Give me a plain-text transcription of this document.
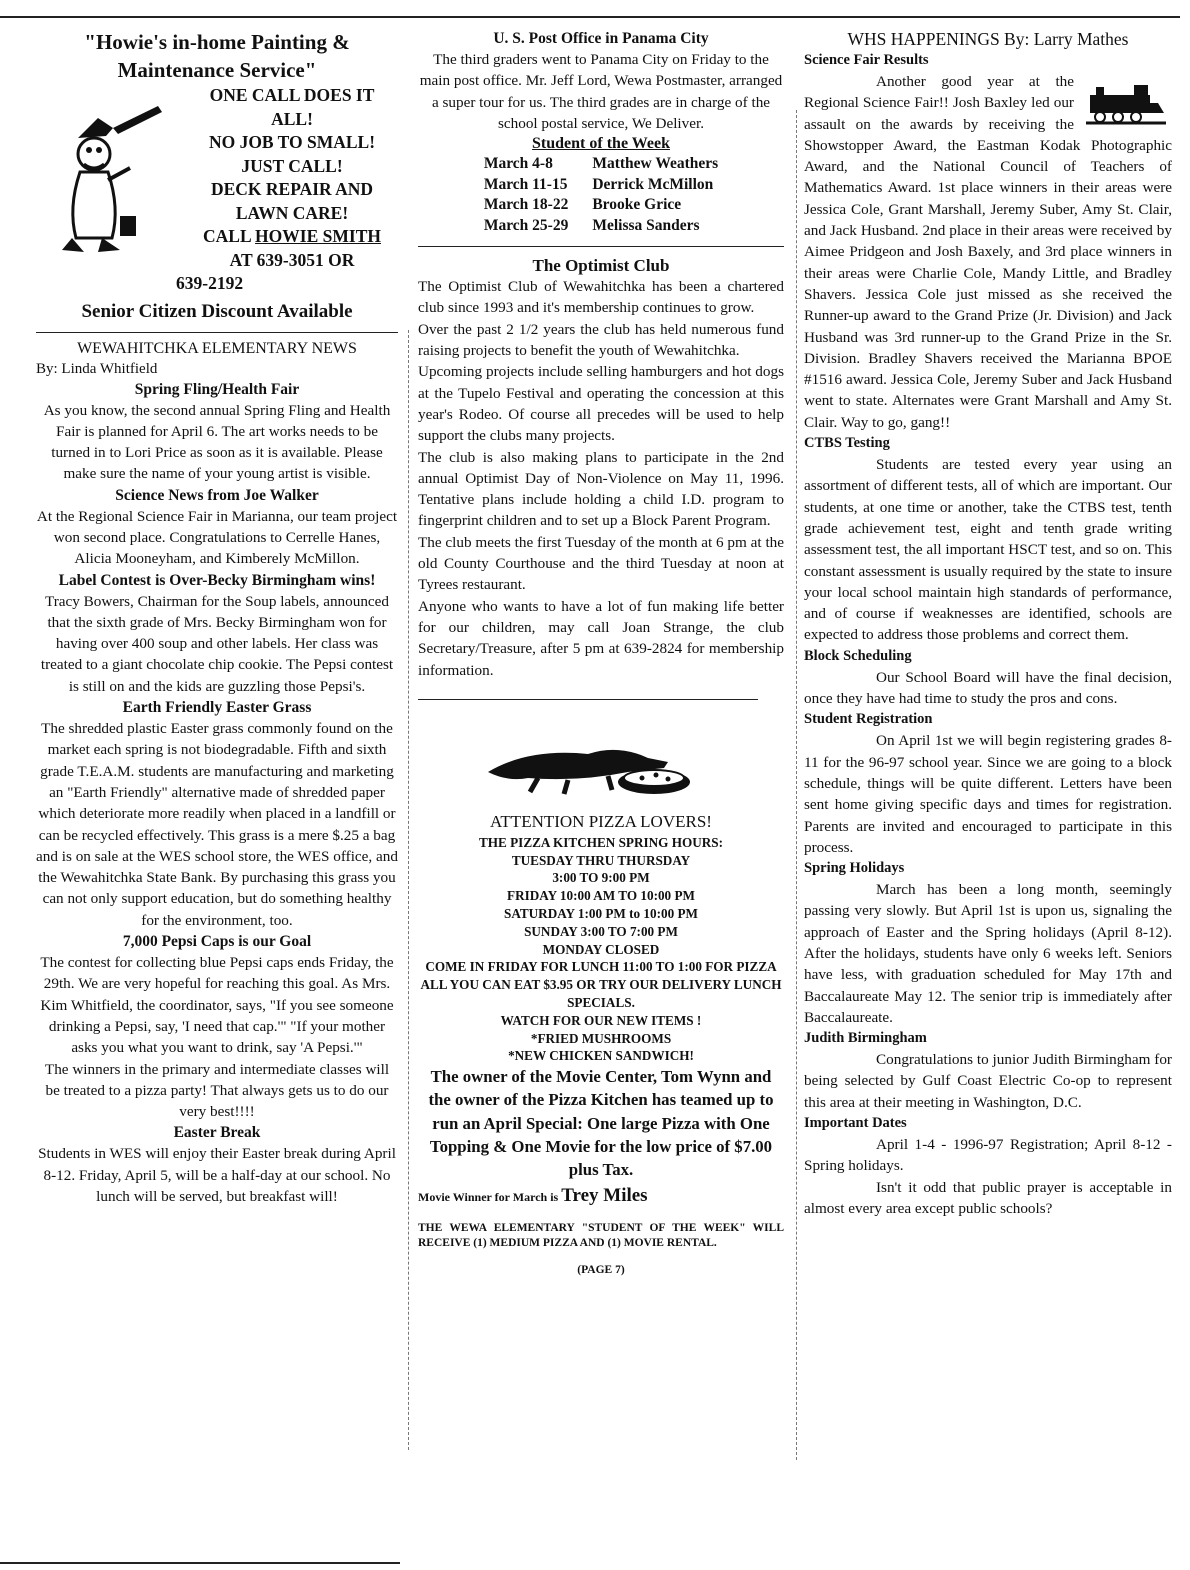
"Howie's in-home Painting &

Maintenance Service"

ONE CALL DOES IT

ALL!

NO JOB TO SMALL!

JUST CALL!

DECK REPAIR AND

LAWN CARE!

CALL HOWIE SMITH

AT 639-3051 OR

639-2192

Senior Citizen Discount Available

WEWAHITCHKA ELEMENTARY NEWS

By: Linda Whitfield

Spring Fling/Health Fair

As you know, the second annual Spring Fling and Health Fair is planned for April 6. The art works needs to be turned in to Lori Price as soon as it is available. Please make sure the name of your young artist is visible.

Science News from Joe Walker

At the Regional Science Fair in Marianna, our team project won second place. Congratulations to Cerrelle Hanes, Alicia Mooneyham, and Kimberely McMillon.

Label Contest is Over-Becky Birmingham wins!

Tracy Bowers, Chairman for the Soup labels, announced that the sixth grade of Mrs. Becky Birmingham won for having over 400 soup and other labels. Her class was treated to a giant chocolate chip cookie. The Pepsi contest is still on and the kids are guzzling those Pepsi's.

Earth Friendly Easter Grass

The shredded plastic Easter grass commonly found on the market each spring is not biodegradable. Fifth and sixth grade T.E.A.M. students are manufacturing and marketing an "Earth Friendly" alternative made of shredded paper which deteriorate more readily when placed in a landfill or can be recycled effectively. This grass is a mere $.25 a bag and is on sale at the WES school store, the WES office, and the Wewahitchka State Bank. By purchasing this grass you can not only support education, but do something healthy for the environment, too.

7,000 Pepsi Caps is our Goal

The contest for collecting blue Pepsi caps ends Friday, the 29th. We are very hopeful for reaching this goal. As Mrs. Kim Whitfield, the coordinator, says, "If you see someone drinking a Pepsi, say, 'I need that cap.'" "If your mother asks you what you want to drink, say 'A Pepsi.'"

The winners in the primary and intermediate classes will be treated to a pizza party! That always gets us to do our very best!!!!

Easter Break

Students in WES will enjoy their Easter break during April 8-12. Friday, April 5, will be a half-day at our school. No lunch will be served, but breakfast will!

U. S. Post Office in Panama City

The third graders went to Panama City on Friday to the main post office. Mr. Jeff Lord, Wewa Postmaster, arranged a super tour for us. The third grades are in charge of the school postal service, We Deliver.

Student of the Week

March 4-8	Matthew Weathers
March 11-15	Derrick McMillon
March 18-22	Brooke Grice
March 25-29	Melissa Sanders

The Optimist Club

The Optimist Club of Wewahitchka has been a chartered club since 1993 and it's membership continues to grow.

Over the past 2 1/2 years the club has held numerous fund raising projects to benefit the youth of Wewahitchka.

Upcoming projects include selling hamburgers and hot dogs at the Tupelo Festival and operating the concession at this year's Rodeo. Of course all precedes will be used to help support the clubs many projects.

The club is also making plans to participate in the 2nd annual Optimist Day of Non-Violence on May 11, 1996. Tentative plans include holding a child I.D. program to fingerprint children and to set up a Block Parent Program.

The club meets the first Tuesday of the month at 6 pm at the old County Courthouse and the third Tuesday at noon at Tyrees restaurant.

Anyone who wants to have a lot of fun making life better for our children, may call Joan Strange, the club Secretary/Treasure, after 5 pm at 639-2824 for membership information.

ATTENTION PIZZA LOVERS!

THE PIZZA KITCHEN SPRING HOURS:

TUESDAY THRU THURSDAY

3:00 TO 9:00 PM

FRIDAY 10:00 AM TO 10:00 PM

SATURDAY 1:00 PM to 10:00 PM

SUNDAY 3:00 TO 7:00 PM

MONDAY CLOSED

COME IN FRIDAY FOR LUNCH 11:00 TO 1:00 FOR PIZZA ALL YOU CAN EAT $3.95 OR TRY OUR DELIVERY LUNCH SPECIALS.

WATCH FOR OUR NEW ITEMS !

*FRIED MUSHROOMS

*NEW CHICKEN SANDWICH!

The owner of the Movie Center, Tom Wynn and the owner of the Pizza Kitchen has teamed up to run an April Special: One large Pizza with One Topping & One Movie for the low price of $7.00 plus Tax.

Movie Winner for March is Trey Miles

THE WEWA ELEMENTARY "STUDENT OF THE WEEK" WILL RECEIVE (1) MEDIUM PIZZA AND (1) MOVIE RENTAL.

(PAGE 7)

WHS HAPPENINGS By: Larry Mathes

Science Fair Results

Another good year at the Regional Science Fair!! Josh Baxley led our assault on the awards by receiving the Showstopper Award, the Eastman Kodak Photographic Award, and the National Council of Teachers of Mathematics Award. 1st place winners in their areas were Jessica Cole, Grant Marshall, Jeremy Suber, Amy St. Clair, and Jack Husband. 2nd place in their areas were received by Aimee Pridgeon and Josh Baxely, and 3rd place winners in their areas were Charlie Cole, Mandy Little, and Bradley Shavers. Jessica Cole just missed as she received the Runner-up award to the Grand Prize (Jr. Division) and Jack Husband was 3rd runner-up to the Grand Prize in the Sr. Division. Bradley Shavers received the Marianna BPOE #1516 award. Jessica Cole, Jeremy Suber and Jack Husband went to state. Alternates were Grant Marshall and Amy St. Clair. Way to go, gang!!

CTBS Testing

Students are tested every year using an assortment of different tests, all of which are important. Our students, at one time or another, take the CTBS test, tenth grade achievement test, eight and tenth grade writing assessment test, the all important HSCT test, and so on. This constant assessment is usually required by the state to insure your local school maintain high standards of performance, and of course if weaknesses are identified, schools are expected to address those problems and correct them.

Block Scheduling

Our School Board will have the final decision, once they have had time to study the pros and cons.

Student Registration

On April 1st we will begin registering grades 8-11 for the 96-97 school year. Since we are going to a block schedule, things will be quite different. Letters have been sent home giving specific days and times for registration. Parents are invited and encouraged to participate in this process.

Spring Holidays

March has been a long month, seemingly passing very slowly. But April 1st is upon us, signaling the approach of Easter and the Spring holidays (April 8-12). After the holidays, students have only 6 weeks left. Seniors have less, with graduation scheduled for May 17th and Baccalaureate May 12. The senior trip is immediately after Baccalaureate.

Judith Birmingham

Congratulations to junior Judith Birmingham for being selected by Gulf Coast Electric Co-op to represent this area at their meeting in Washington, D.C.

Important Dates

April 1-4 - 1996-97 Registration; April 8-12 - Spring holidays.

Isn't it odd that public prayer is acceptable in almost every area except public schools?
